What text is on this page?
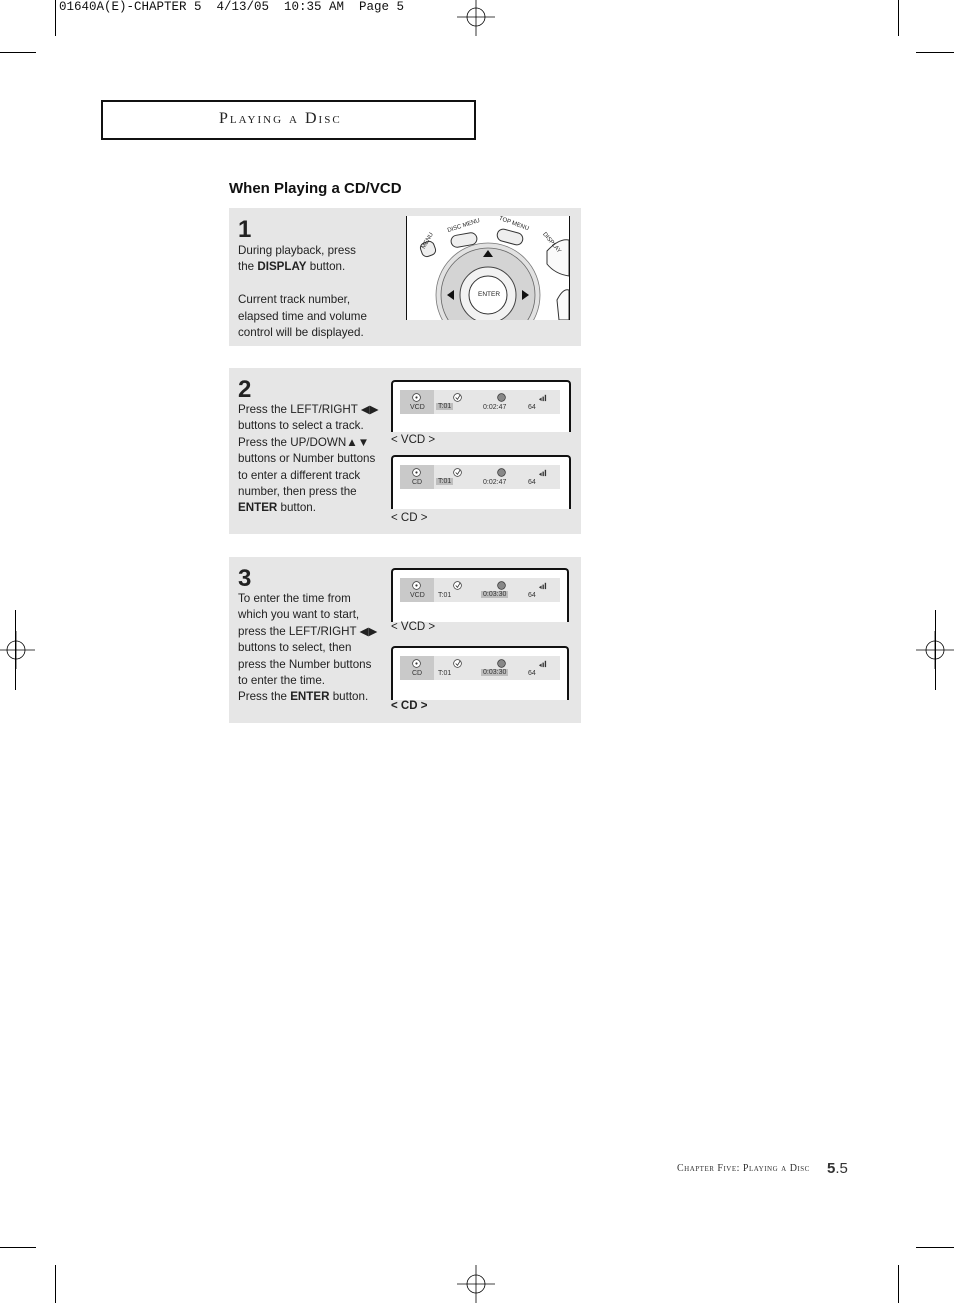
01640A(E)-CHAPTER 5  4/13/05  10:35 AM  Page 5
Playing a Disc
When Playing a CD/VCD
1
During playback, press
the DISPLAY button.

Current track number,
elapsed time and volume
control will be displayed.
MENU
DISC MENU	TOP MENU
DISPLAY
ENTER
2
Press the LEFT/RIGHT ◀▶
buttons to select a track.
Press the UP/DOWN▲▼
buttons or Number buttons
to enter a different track
number, then press the
ENTER button.
VCD T:01	0:02:47	64
< VCD >
CD T:01	0:02:47	64
< CD >
3
To enter the time from
which you want to start,
press the LEFT/RIGHT ◀▶
buttons to select, then
press the Number buttons
to enter the time.
Press the ENTER button.
VCD T:01	0:03:30	64
< VCD >
CD T:01	0:03:30	64
< CD >
Chapter Five: Playing a Disc 5.5
